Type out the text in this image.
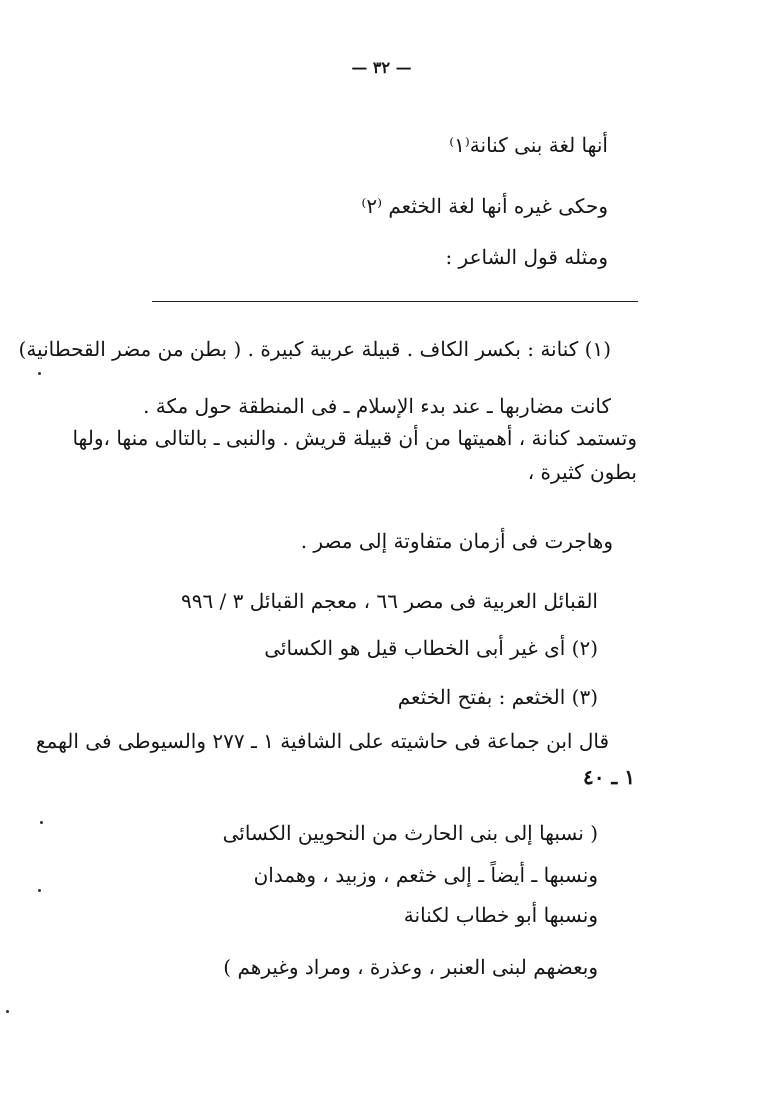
— ٣٢ —
أنها لغة بنى كنانة⁽١⁾
وحكى غيره أنها لغة الخثعم ⁽٢⁾
ومثله قول الشاعر :
(١) كنانة : بكسر الكاف . قبيلة عربية كبيرة . ( بطن من مضر القحطانية)
كانت مضاربها ـ عند بدء الإسلام ـ فى المنطقة حول مكة .
وتستمد كنانة ، أهميتها من أن قبيلة قريش . والنبى ـ بالتالى منها ،ولها
بطون كثيرة ،
وهاجرت فى أزمان متفاوتة إلى مصر .
القبائل العربية فى مصر ٦٦ ، معجم القبائل ٣ / ٩٩٦
(٢) أى غير أبى الخطاب قيل هو الكسائى
(٣) الخثعم : بفتح الخثعم
قال ابن جماعة فى حاشيته على الشافية ١ ـ ٢٧٧ والسيوطى فى الهمع
١ ـ ٤٠
( نسبها إلى بنى الحارث من النحويين الكسائى
ونسبها ـ أيضاً ـ إلى خثعم ، وزبيد ، وهمدان
ونسبها أبو خطاب لكنانة
وبعضهم لبنى العنبر ، وعذرة ، ومراد وغيرهم )
